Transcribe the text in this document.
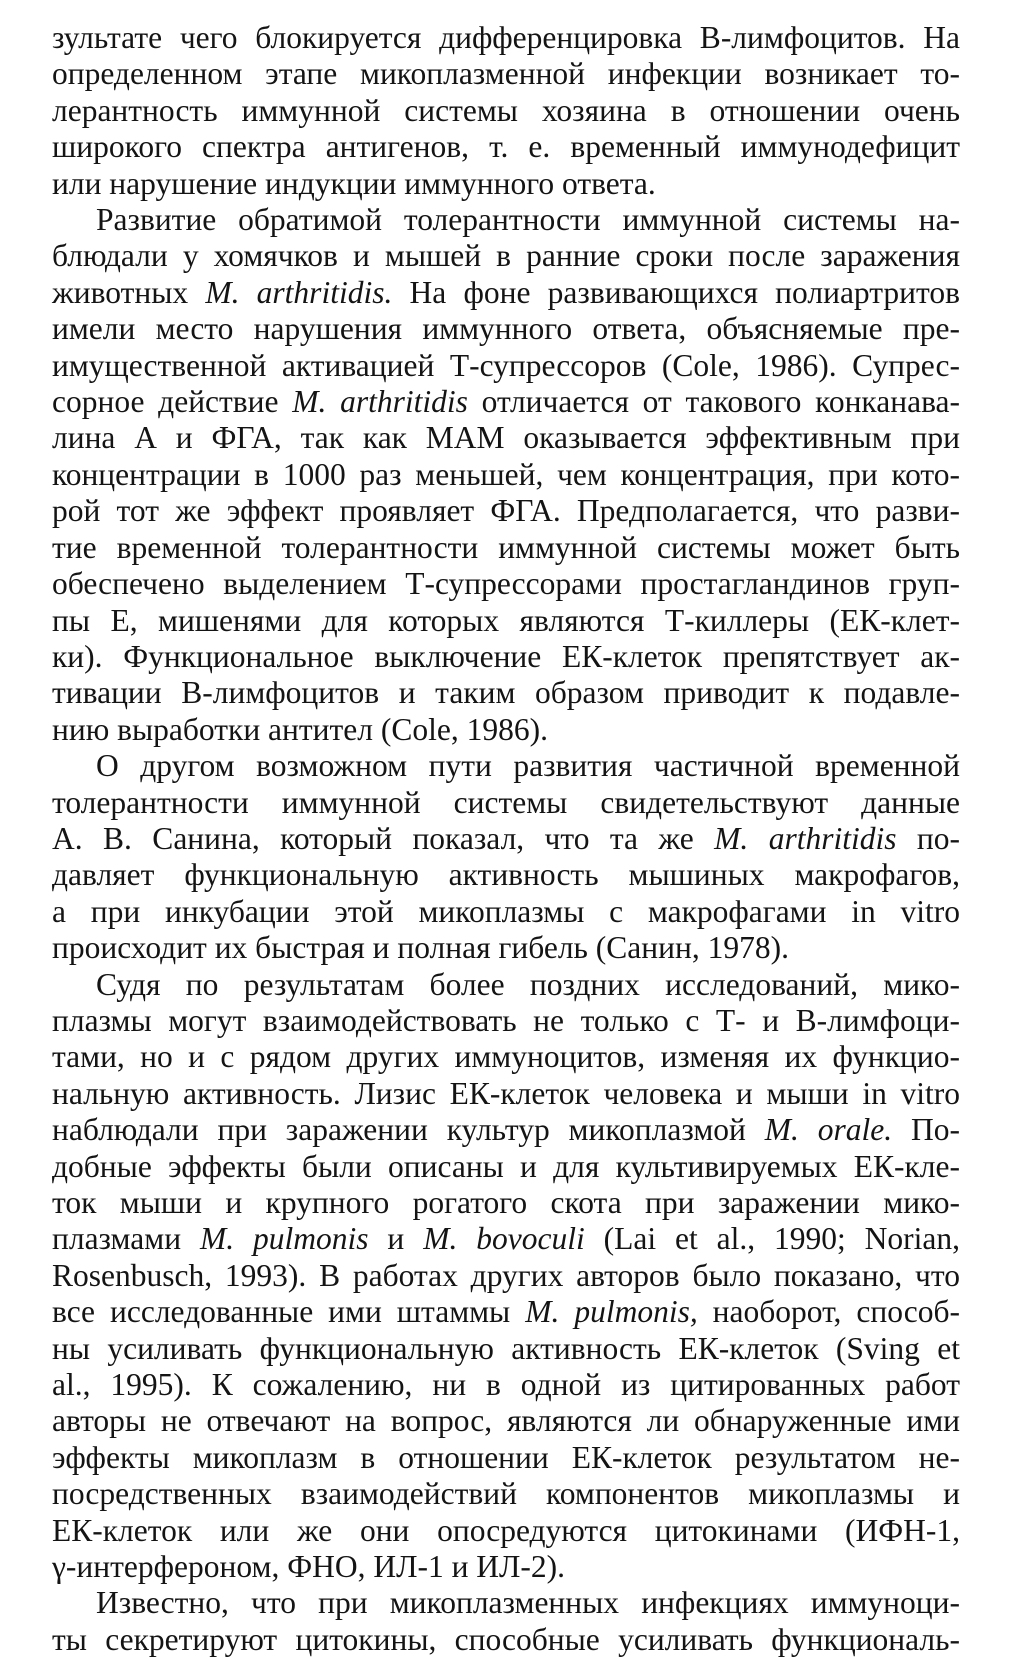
зультате чего блокируется дифференцировка В-лимфоцитов. На
определенном этапе микоплазменной инфекции возникает то-
лерантность иммунной системы хозяина в отношении очень
широкого спектра антигенов, т. е. временный иммунодефицит
или нарушение индукции иммунного ответа.
Развитие обратимой толерантности иммунной системы на-
блюдали у хомячков и мышей в ранние сроки после заражения
животных M. arthritidis. На фоне развивающихся полиартритов
имели место нарушения иммунного ответа, объясняемые пре-
имущественной активацией Т-супрессоров (Cole, 1986). Супрес-
сорное действие M. arthritidis отличается от такового конканава-
лина А и ФГА, так как МАМ оказывается эффективным при
концентрации в 1000 раз меньшей, чем концентрация, при кото-
рой тот же эффект проявляет ФГА. Предполагается, что разви-
тие временной толерантности иммунной системы может быть
обеспечено выделением Т-супрессорами простагландинов груп-
пы Е, мишенями для которых являются Т-киллеры (ЕК-клет-
ки). Функциональное выключение ЕК-клеток препятствует ак-
тивации В-лимфоцитов и таким образом приводит к подавле-
нию выработки антител (Cole, 1986).
О другом возможном пути развития частичной временной
толерантности иммунной системы свидетельствуют данные
А. В. Санина, который показал, что та же M. arthritidis по-
давляет функциональную активность мышиных макрофагов,
а при инкубации этой микоплазмы с макрофагами in vitro
происходит их быстрая и полная гибель (Санин, 1978).
Судя по результатам более поздних исследований, мико-
плазмы могут взаимодействовать не только с Т- и В-лимфоци-
тами, но и с рядом других иммуноцитов, изменяя их функцио-
нальную активность. Лизис ЕК-клеток человека и мыши in vitro
наблюдали при заражении культур микоплазмой M. orale. По-
добные эффекты были описаны и для культивируемых ЕК-кле-
ток мыши и крупного рогатого скота при заражении мико-
плазмами M. pulmonis и M. bovoculi (Lai et al., 1990; Norian,
Rosenbusch, 1993). В работах других авторов было показано, что
все исследованные ими штаммы M. pulmonis, наоборот, способ-
ны усиливать функциональную активность ЕК-клеток (Sving et
al., 1995). К сожалению, ни в одной из цитированных работ
авторы не отвечают на вопрос, являются ли обнаруженные ими
эффекты микоплазм в отношении ЕК-клеток результатом не-
посредственных взаимодействий компонентов микоплазмы и
ЕК-клеток или же они опосредуются цитокинами (ИФН-1,
γ-интерфероном, ФНО, ИЛ-1 и ИЛ-2).
Известно, что при микоплазменных инфекциях иммуноци-
ты секретируют цитокины, способные усиливать функциональ-
